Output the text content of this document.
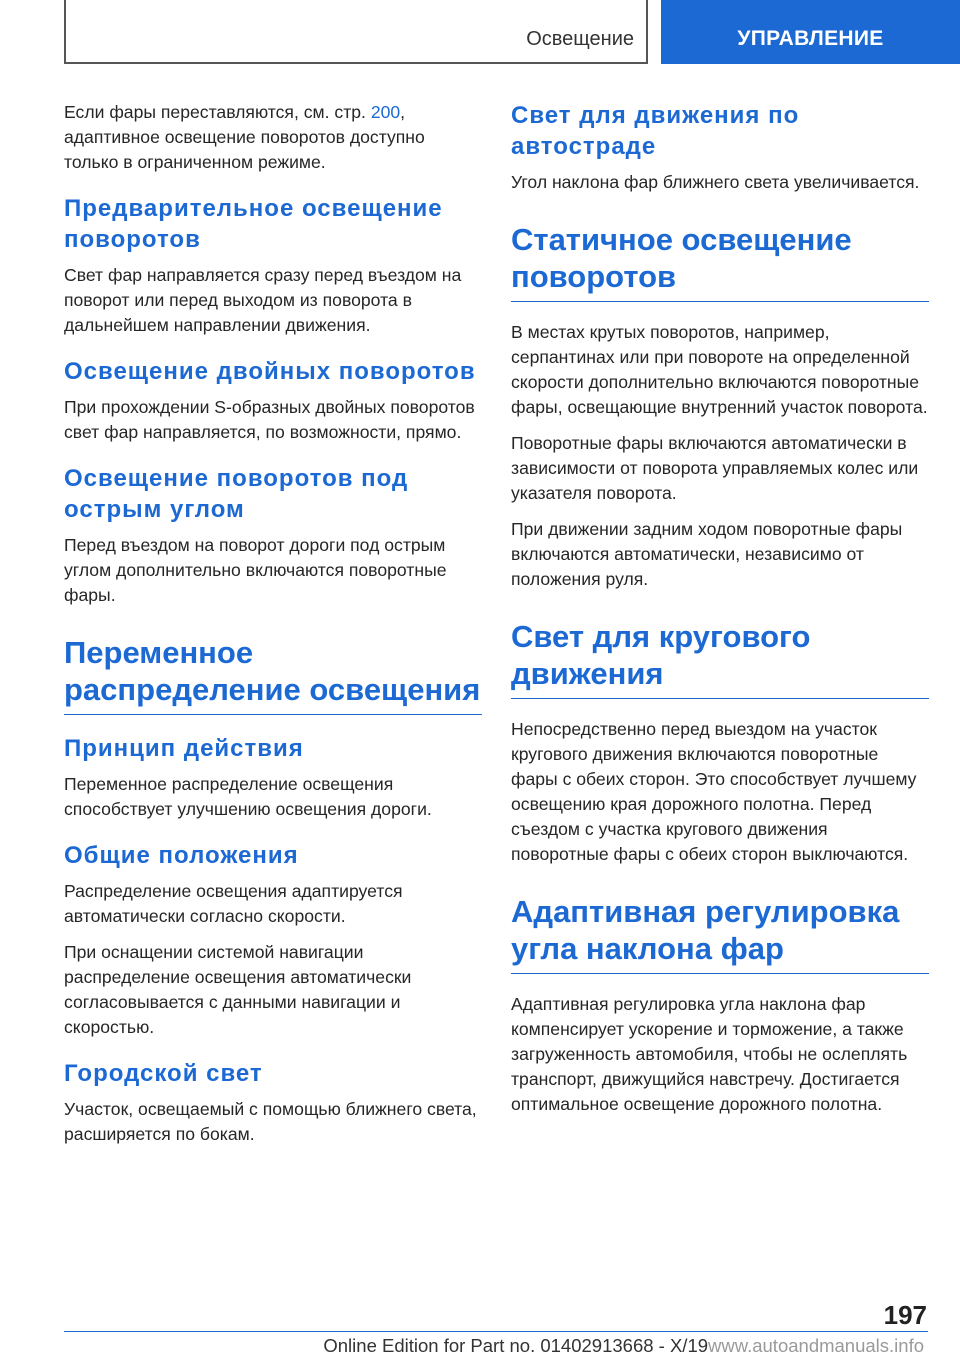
Освещение	УПРАВЛЕНИЕ

Если фары переставляются, см. стр. 200, адаптивное освещение поворотов доступно только в ограниченном режиме.

Предварительное освещение поворотов

Свет фар направляется сразу перед въездом на поворот или перед выходом из поворота в дальнейшем направлении движения.

Освещение двойных поворотов

При прохождении S-образных двойных поворотов свет фар направляется, по возможности, прямо.

Освещение поворотов под острым углом

Перед въездом на поворот дороги под острым углом дополнительно включаются поворотные фары.

Переменное распределение освещения
Принцип действия

Переменное распределение освещения способствует улучшению освещения дороги.

Общие положения

Распределение освещения адаптируется автоматически согласно скорости.

При оснащении системой навигации распределение освещения автоматически согласовывается с данными навигации и скоростью.

Городской свет

Участок, освещаемый с помощью ближнего света, расширяется по бокам.

Свет для движения по автостраде

Угол наклона фар ближнего света увеличивается.

Статичное освещение поворотов

В местах крутых поворотов, например, серпантинах или при повороте на определенной скорости дополнительно включаются поворотные фары, освещающие внутренний участок поворота.

Поворотные фары включаются автоматически в зависимости от поворота управляемых колес или указателя поворота.

При движении задним ходом поворотные фары включаются автоматически, независимо от положения руля.

Свет для кругового движения

Непосредственно перед выездом на участок кругового движения включаются поворотные фары с обеих сторон. Это способствует лучшему освещению края дорожного полотна. Перед съездом с участка кругового движения поворотные фары с обеих сторон выключаются.

Адаптивная регулировка угла наклона фар

Адаптивная регулировка угла наклона фар компенсирует ускорение и торможение, а также загруженность автомобиля, чтобы не ослеплять транспорт, движущийся навстречу. Достигается оптимальное освещение дорожного полотна.

197
Online Edition for Part no. 01402913668 - X/19www.autoandmanuals.info
